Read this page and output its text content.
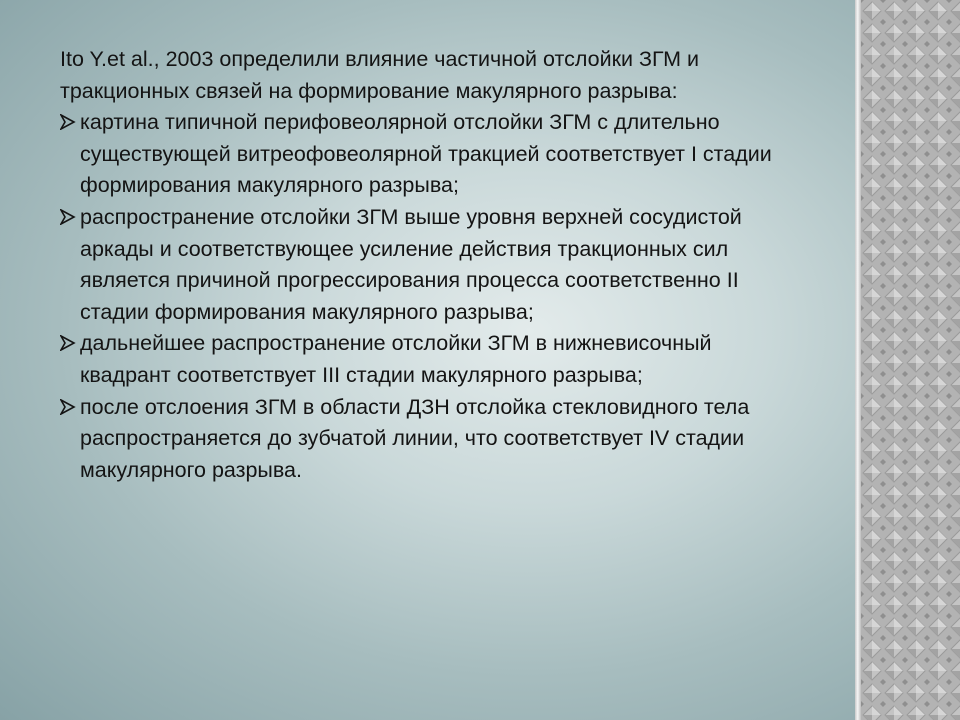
Ito Y.et al., 2003 определили влияние частичной отслойки ЗГМ и тракционных связей на формирование макулярного разрыва:

картина типичной перифовеолярной отслойки ЗГМ с длительно существующей витреофовеолярной тракцией соответствует I стадии формирования макулярного разрыва;
распространение отслойки ЗГМ выше уровня верхней сосудистой аркады и соответствующее усиление действия тракционных сил является причиной прогрессирования процесса соответственно II стадии формирования макулярного разрыва;
дальнейшее распространение отслойки ЗГМ в нижневисочный квадрант соответствует III стадии макулярного разрыва;
после отслоения ЗГМ в области ДЗН отслойка стекловидного тела распространяется до зубчатой линии, что соответствует IV стадии макулярного разрыва.
